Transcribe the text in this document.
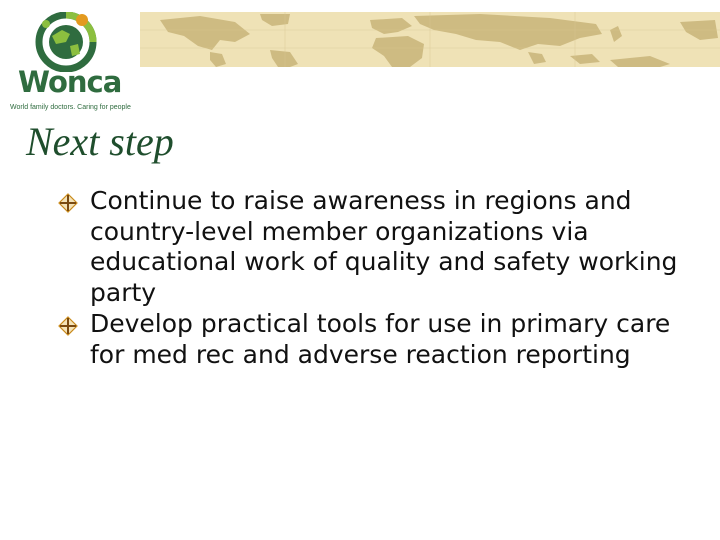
Wonca
World family doctors. Caring for people
Next step
Continue to raise awareness in regions and country-level member organizations via educational work of quality and safety working party
Develop practical tools for use in primary care for med rec and adverse reaction reporting
